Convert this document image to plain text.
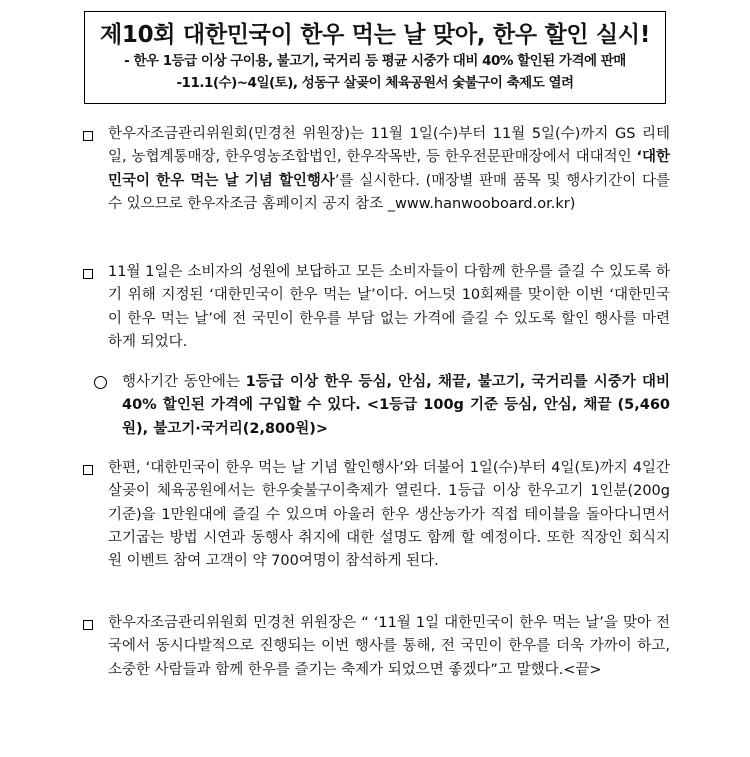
제10회 대한민국이 한우 먹는 날 맞아, 한우 할인 실시!
- 한우 1등급 이상 구이용, 불고기, 국거리 등 평균 시중가 대비 40% 할인된 가격에 판매
-11.1(수)~4일(토), 성동구 살곶이 체육공원서 숯불구이 축제도 열려
한우자조금관리위원회(민경천 위원장)는 11월 1일(수)부터 11월 5일(수)까지 GS 리테일, 농협계통매장, 한우영농조합법인, 한우작목반, 등 한우전문판매장에서 대대적인 ‘대한민국이 한우 먹는 날 기념 할인행사’를 실시한다. (매장별 판매 품목 및 행사기간이 다를 수 있으므로 한우자조금 홈페이지 공지 참조 _www.hanwooboard.or.kr)
11월 1일은 소비자의 성원에 보답하고 모든 소비자들이 다함께 한우를 즐길 수 있도록 하기 위해 지정된 ‘대한민국이 한우 먹는 날’이다. 어느덧 10회째를 맞이한 이번 ‘대한민국이 한우 먹는 날’에 전 국민이 한우를 부담 없는 가격에 즐길 수 있도록 할인 행사를 마련하게 되었다.
행사기간 동안에는 1등급 이상 한우 등심, 안심, 채끝, 불고기, 국거리를 시중가 대비 40% 할인된 가격에 구입할 수 있다. <1등급 100g 기준 등심, 안심, 채끝 (5,460원), 불고기·국거리(2,800원)>
한편, ‘대한민국이 한우 먹는 날 기념 할인행사’와 더불어 1일(수)부터 4일(토)까지 4일간 살곶이 체육공원에서는 한우숯불구이축제가 열린다. 1등급 이상 한우고기 1인분(200g 기준)을 1만원대에 즐길 수 있으며 아울러 한우 생산농가가 직접 테이블을 돌아다니면서 고기굽는 방법 시연과 동행사 취지에 대한 설명도 함께 할 예정이다. 또한 직장인 회식지원 이벤트 참여 고객이 약 700여명이 참석하게 된다.
한우자조금관리위원회 민경천 위원장은 “ ‘11월 1일 대한민국이 한우 먹는 날’을 맞아 전국에서 동시다발적으로 진행되는 이번 행사를 통해, 전 국민이 한우를 더욱 가까이 하고, 소중한 사람들과 함께 한우를 즐기는 축제가 되었으면 좋겠다”고 말했다.<끝>
